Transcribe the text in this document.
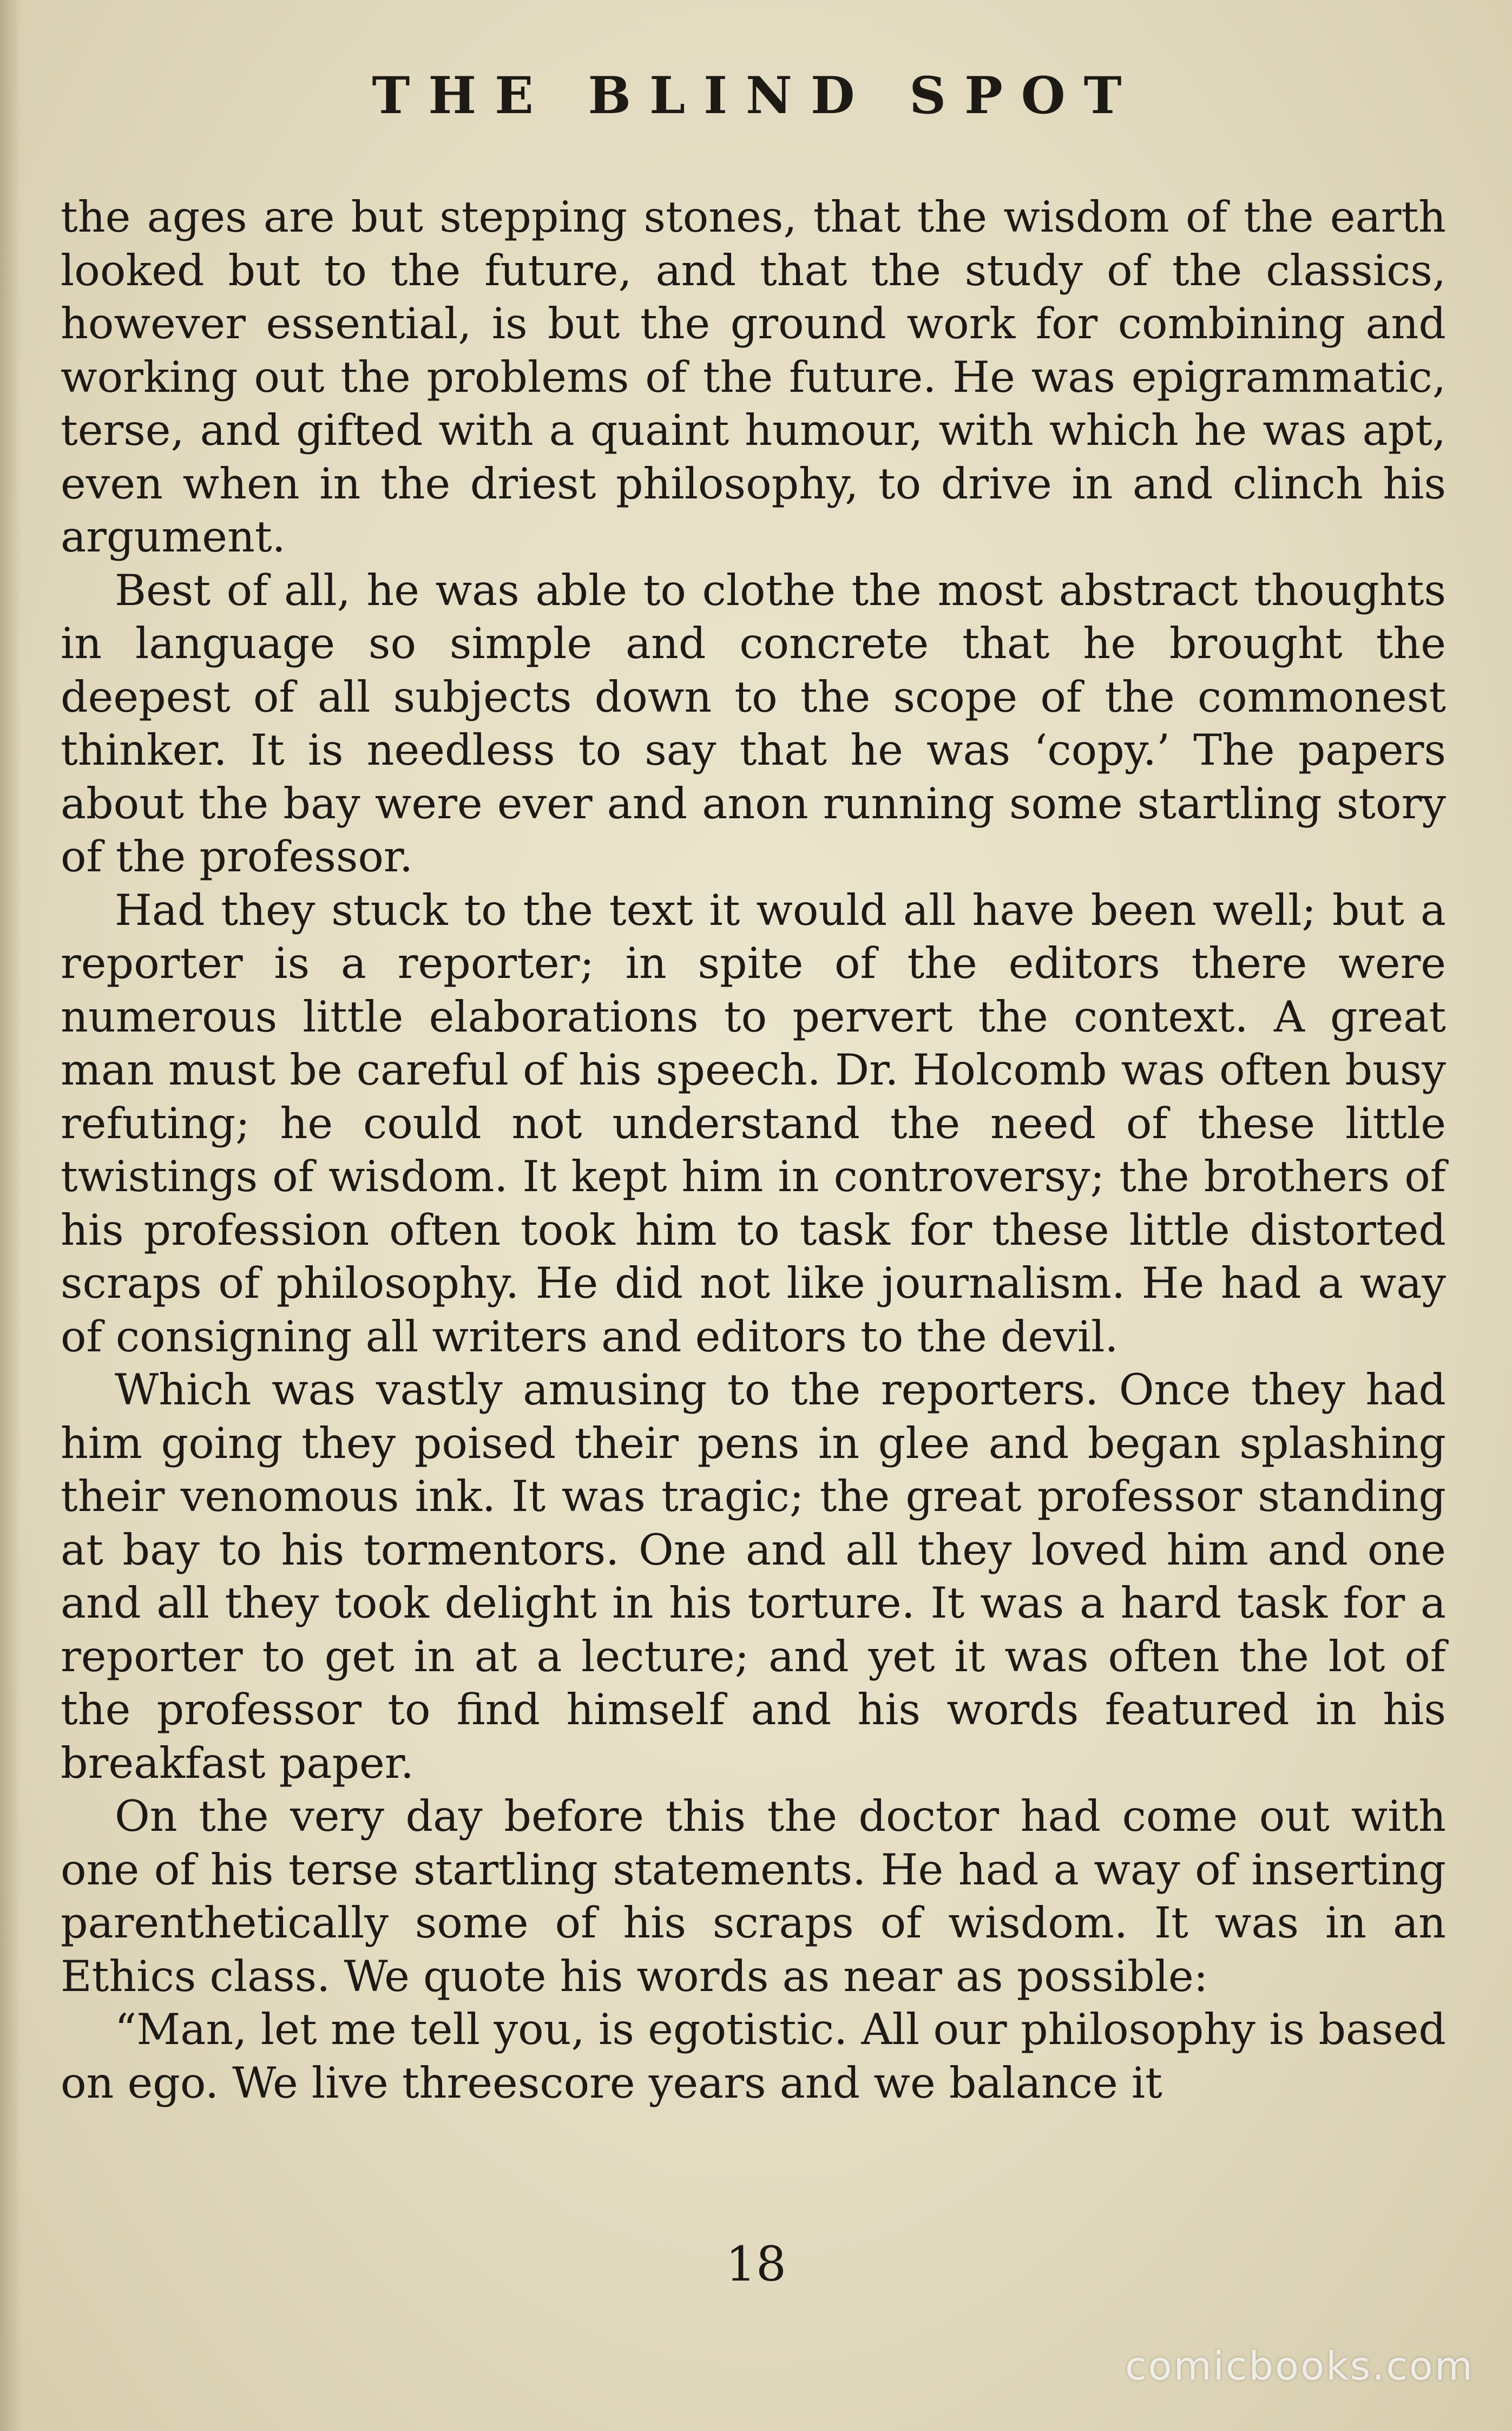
THE BLIND SPOT

the ages are but stepping stones, that the wisdom of the earth looked but to the future, and that the study of the classics, however essential, is but the ground work for combining and working out the problems of the future. He was epigrammatic, terse, and gifted with a quaint humour, with which he was apt, even when in the driest philosophy, to drive in and clinch his argument.

Best of all, he was able to clothe the most abstract thoughts in language so simple and concrete that he brought the deepest of all subjects down to the scope of the commonest thinker. It is needless to say that he was ‘copy.’ The papers about the bay were ever and anon running some startling story of the professor.

Had they stuck to the text it would all have been well; but a reporter is a reporter; in spite of the editors there were numerous little elaborations to pervert the context. A great man must be careful of his speech. Dr. Holcomb was often busy refuting; he could not understand the need of these little twistings of wisdom. It kept him in controversy; the brothers of his profession often took him to task for these little distorted scraps of philosophy. He did not like journalism. He had a way of consigning all writers and editors to the devil.

Which was vastly amusing to the reporters. Once they had him going they poised their pens in glee and began splashing their venomous ink. It was tragic; the great professor standing at bay to his tormentors. One and all they loved him and one and all they took delight in his torture. It was a hard task for a reporter to get in at a lecture; and yet it was often the lot of the professor to find himself and his words featured in his breakfast paper.

On the very day before this the doctor had come out with one of his terse startling statements. He had a way of inserting parenthetically some of his scraps of wisdom. It was in an Ethics class. We quote his words as near as possible:

“Man, let me tell you, is egotistic. All our philosophy is based on ego. We live threescore years and we balance it

18
comicbooks.com
